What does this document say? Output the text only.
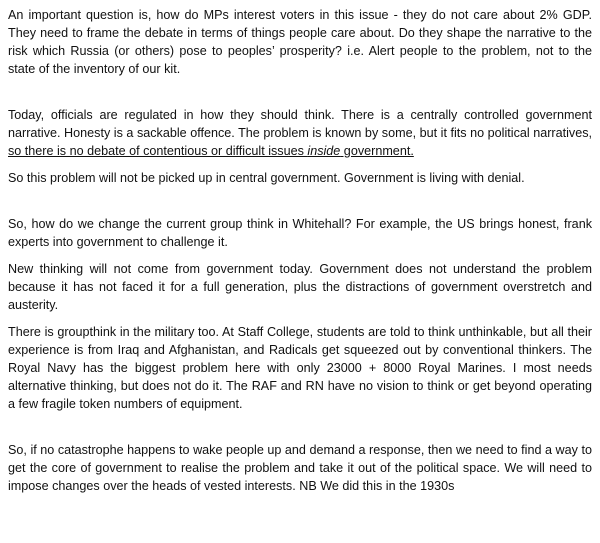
An important question is, how do MPs interest voters in this issue - they do not care about 2% GDP. They need to frame the debate in terms of things people care about. Do they shape the narrative to the risk which Russia (or others) pose to peoples’ prosperity? i.e. Alert people to the problem, not to the state of the inventory of our kit.

Today, officials are regulated in how they should think. There is a centrally controlled government narrative. Honesty is a sackable offence. The problem is known by some, but it fits no political narratives, so there is no debate of contentious or difficult issues inside government.

So this problem will not be picked up in central government. Government is living with denial.

So, how do we change the current group think in Whitehall? For example, the US brings honest, frank experts into government to challenge it.

New thinking will not come from government today. Government does not understand the problem because it has not faced it for a full generation, plus the distractions of government overstretch and austerity.

There is groupthink in the military too. At Staff College, students are told to think unthinkable, but all their experience is from Iraq and Afghanistan, and Radicals get squeezed out by conventional thinkers. The Royal Navy has the biggest problem here with only 23000 + 8000 Royal Marines. I most needs alternative thinking, but does not do it. The RAF and RN have no vision to think or get beyond operating a few fragile token numbers of equipment.

So, if no catastrophe happens to wake people up and demand a response, then we need to find a way to get the core of government to realise the problem and take it out of the political space. We will need to impose changes over the heads of vested interests. NB We did this in the 1930s
